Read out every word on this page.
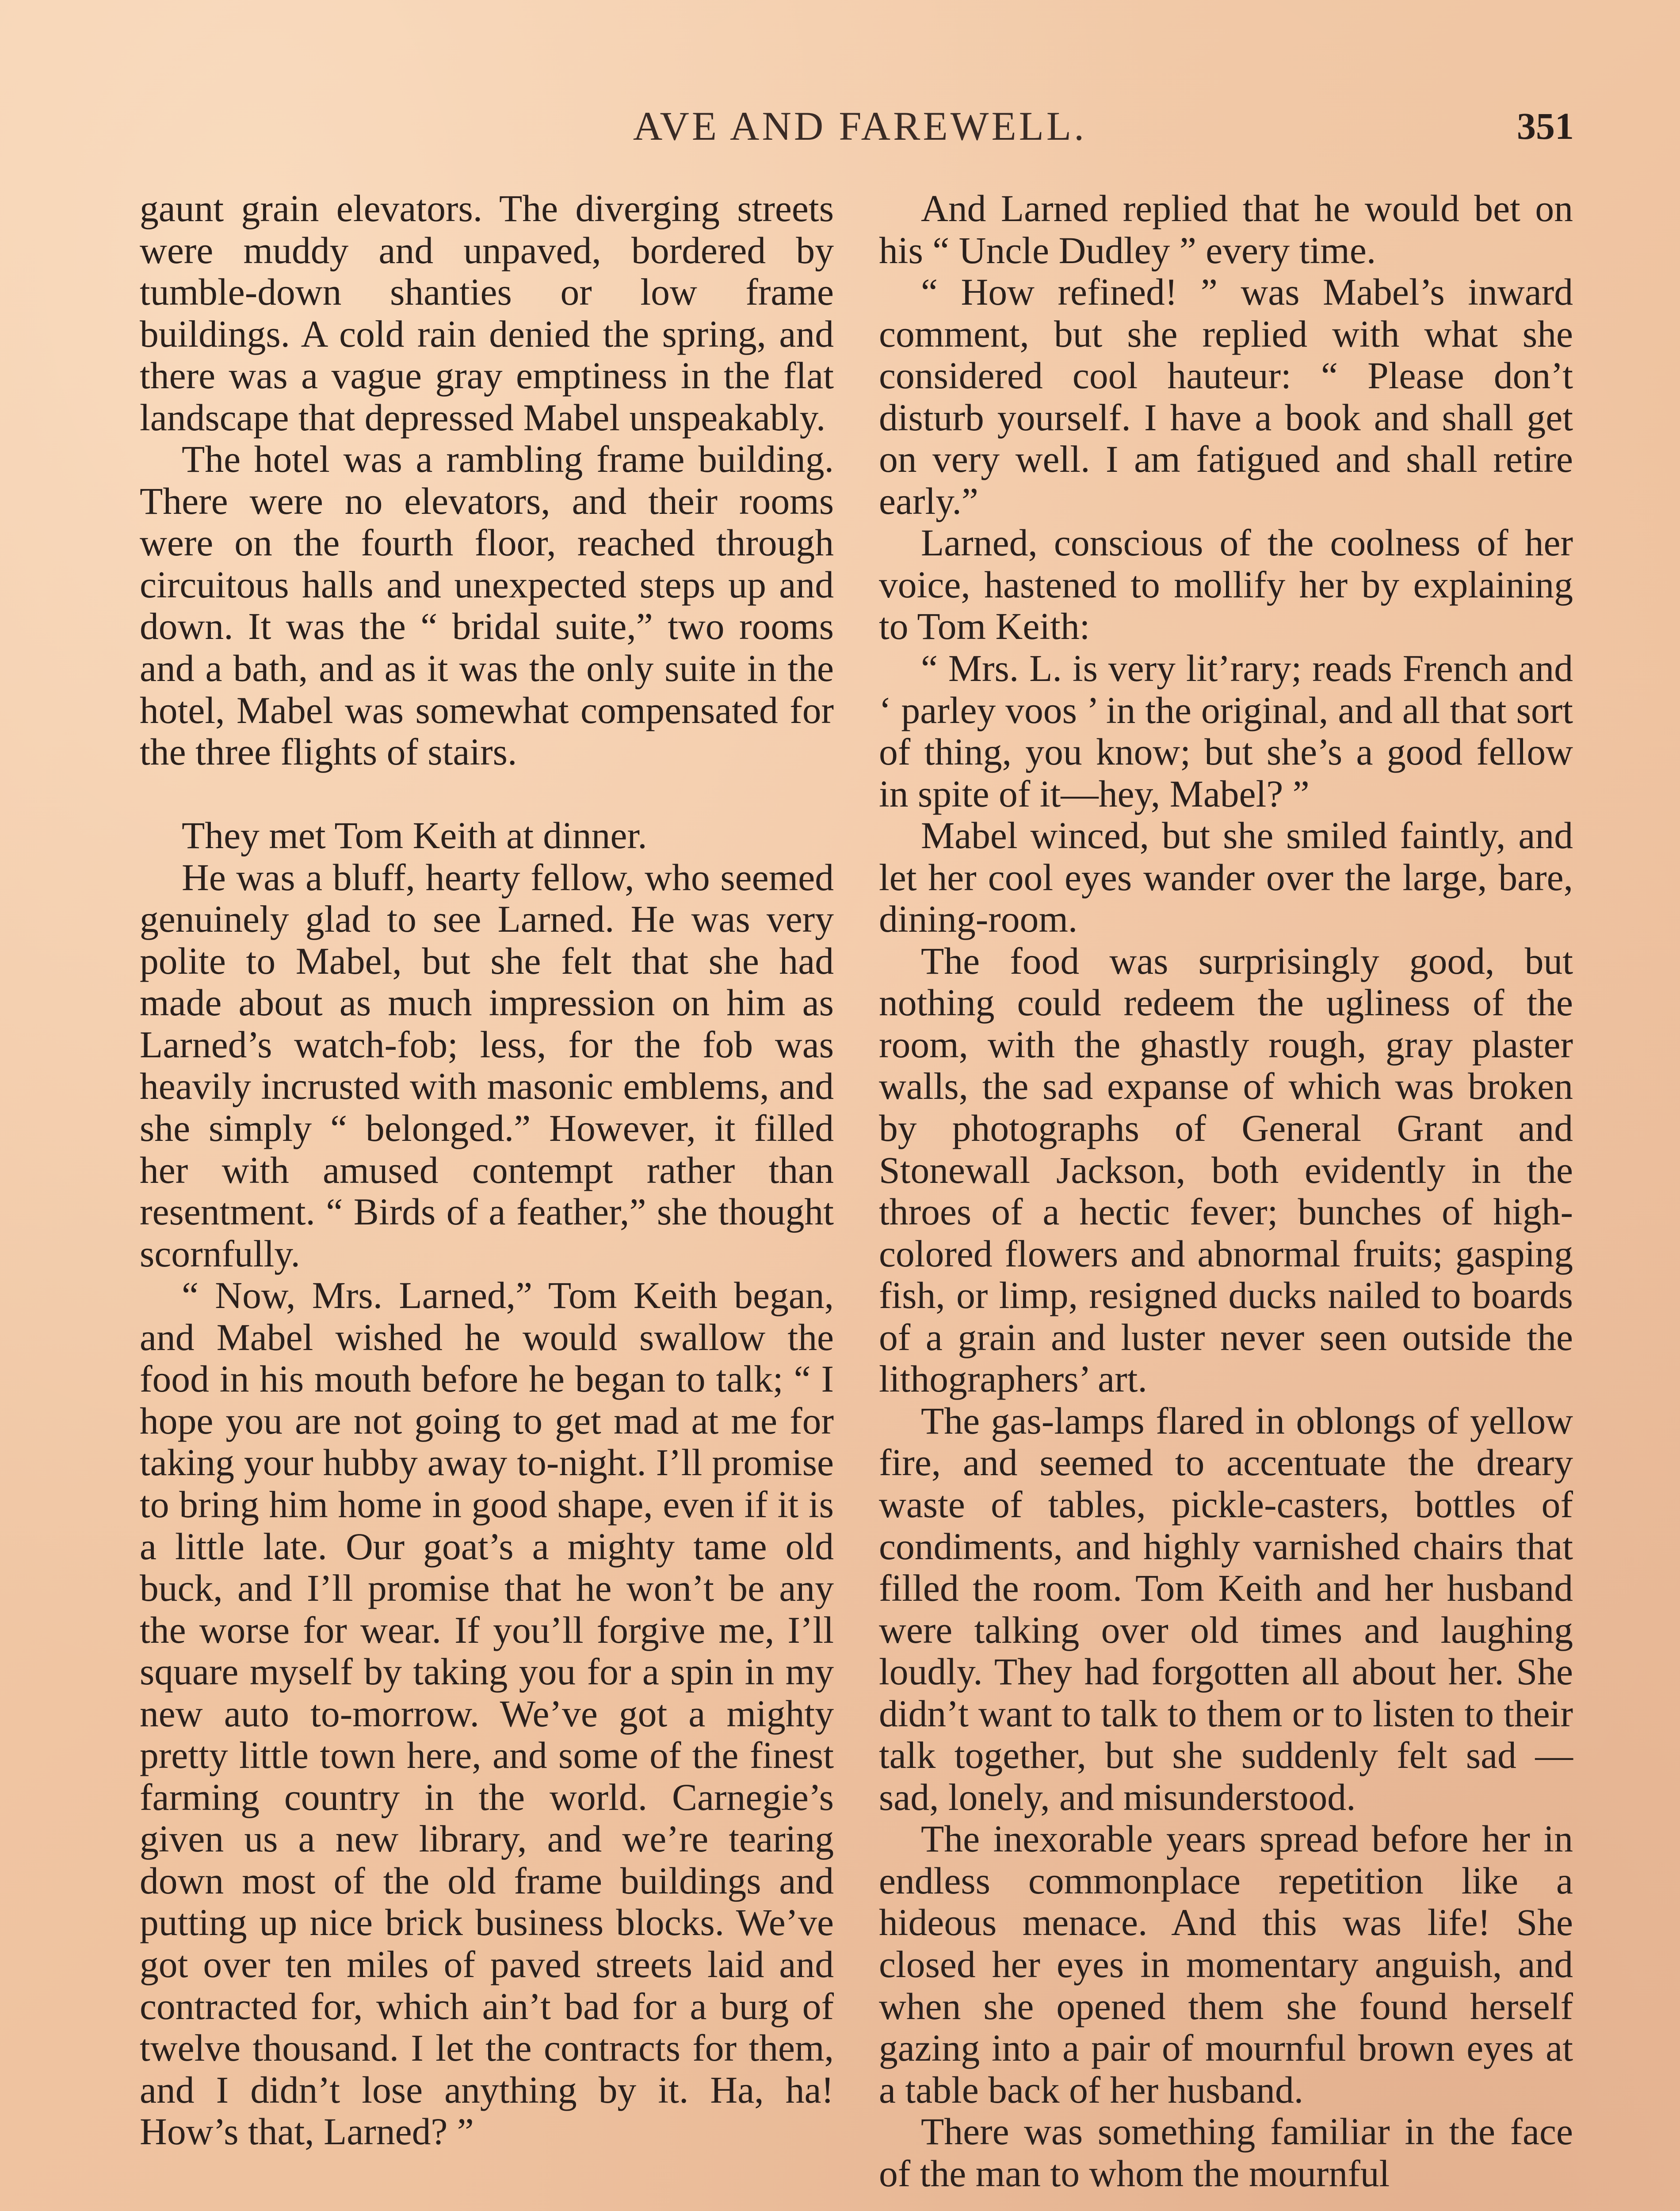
AVE AND FAREWELL.	351

gaunt grain elevators. The diverging streets were muddy and unpaved, bordered by tumble-down shanties or low frame buildings. A cold rain denied the spring, and there was a vague gray emptiness in the flat landscape that depressed Mabel unspeakably.

The hotel was a rambling frame building. There were no elevators, and their rooms were on the fourth floor, reached through circuitous halls and unexpected steps up and down. It was the “ bridal suite,” two rooms and a bath, and as it was the only suite in the hotel, Mabel was somewhat compensated for the three flights of stairs.

They met Tom Keith at dinner.

He was a bluff, hearty fellow, who seemed genuinely glad to see Larned. He was very polite to Mabel, but she felt that she had made about as much impression on him as Larned’s watch-fob; less, for the fob was heavily incrusted with masonic emblems, and she simply “ belonged.” However, it filled her with amused contempt rather than resentment. “ Birds of a feather,” she thought scornfully.

“ Now, Mrs. Larned,” Tom Keith began, and Mabel wished he would swallow the food in his mouth before he began to talk; “ I hope you are not going to get mad at me for taking your hubby away to-night. I’ll promise to bring him home in good shape, even if it is a little late. Our goat’s a mighty tame old buck, and I’ll promise that he won’t be any the worse for wear. If you’ll forgive me, I’ll square myself by taking you for a spin in my new auto to-morrow. We’ve got a mighty pretty little town here, and some of the finest farming country in the world. Carnegie’s given us a new library, and we’re tearing down most of the old frame buildings and putting up nice brick business blocks. We’ve got over ten miles of paved streets laid and contracted for, which ain’t bad for a burg of twelve thousand. I let the contracts for them, and I didn’t lose anything by it. Ha, ha! How’s that, Larned? ”

And Larned replied that he would bet on his “ Uncle Dudley ” every time.

“ How refined! ” was Mabel’s inward comment, but she replied with what she considered cool hauteur: “ Please don’t disturb yourself. I have a book and shall get on very well. I am fatigued and shall retire early.”

Larned, conscious of the coolness of her voice, hastened to mollify her by explaining to Tom Keith:

“ Mrs. L. is very lit’rary; reads French and ‘ parley voos ’ in the original, and all that sort of thing, you know; but she’s a good fellow in spite of it—hey, Mabel? ”

Mabel winced, but she smiled faintly, and let her cool eyes wander over the large, bare, dining-room.

The food was surprisingly good, but nothing could redeem the ugliness of the room, with the ghastly rough, gray plaster walls, the sad expanse of which was broken by photographs of General Grant and Stonewall Jackson, both evidently in the throes of a hectic fever; bunches of high-colored flowers and abnormal fruits; gasping fish, or limp, resigned ducks nailed to boards of a grain and luster never seen outside the lithographers’ art.

The gas-lamps flared in oblongs of yellow fire, and seemed to accentuate the dreary waste of tables, pickle-casters, bottles of condiments, and highly varnished chairs that filled the room. Tom Keith and her husband were talking over old times and laughing loudly. They had forgotten all about her. She didn’t want to talk to them or to listen to their talk together, but she suddenly felt sad — sad, lonely, and misunderstood.

The inexorable years spread before her in endless commonplace repetition like a hideous menace. And this was life! She closed her eyes in momentary anguish, and when she opened them she found herself gazing into a pair of mournful brown eyes at a table back of her husband.

There was something familiar in the face of the man to whom the mournful
